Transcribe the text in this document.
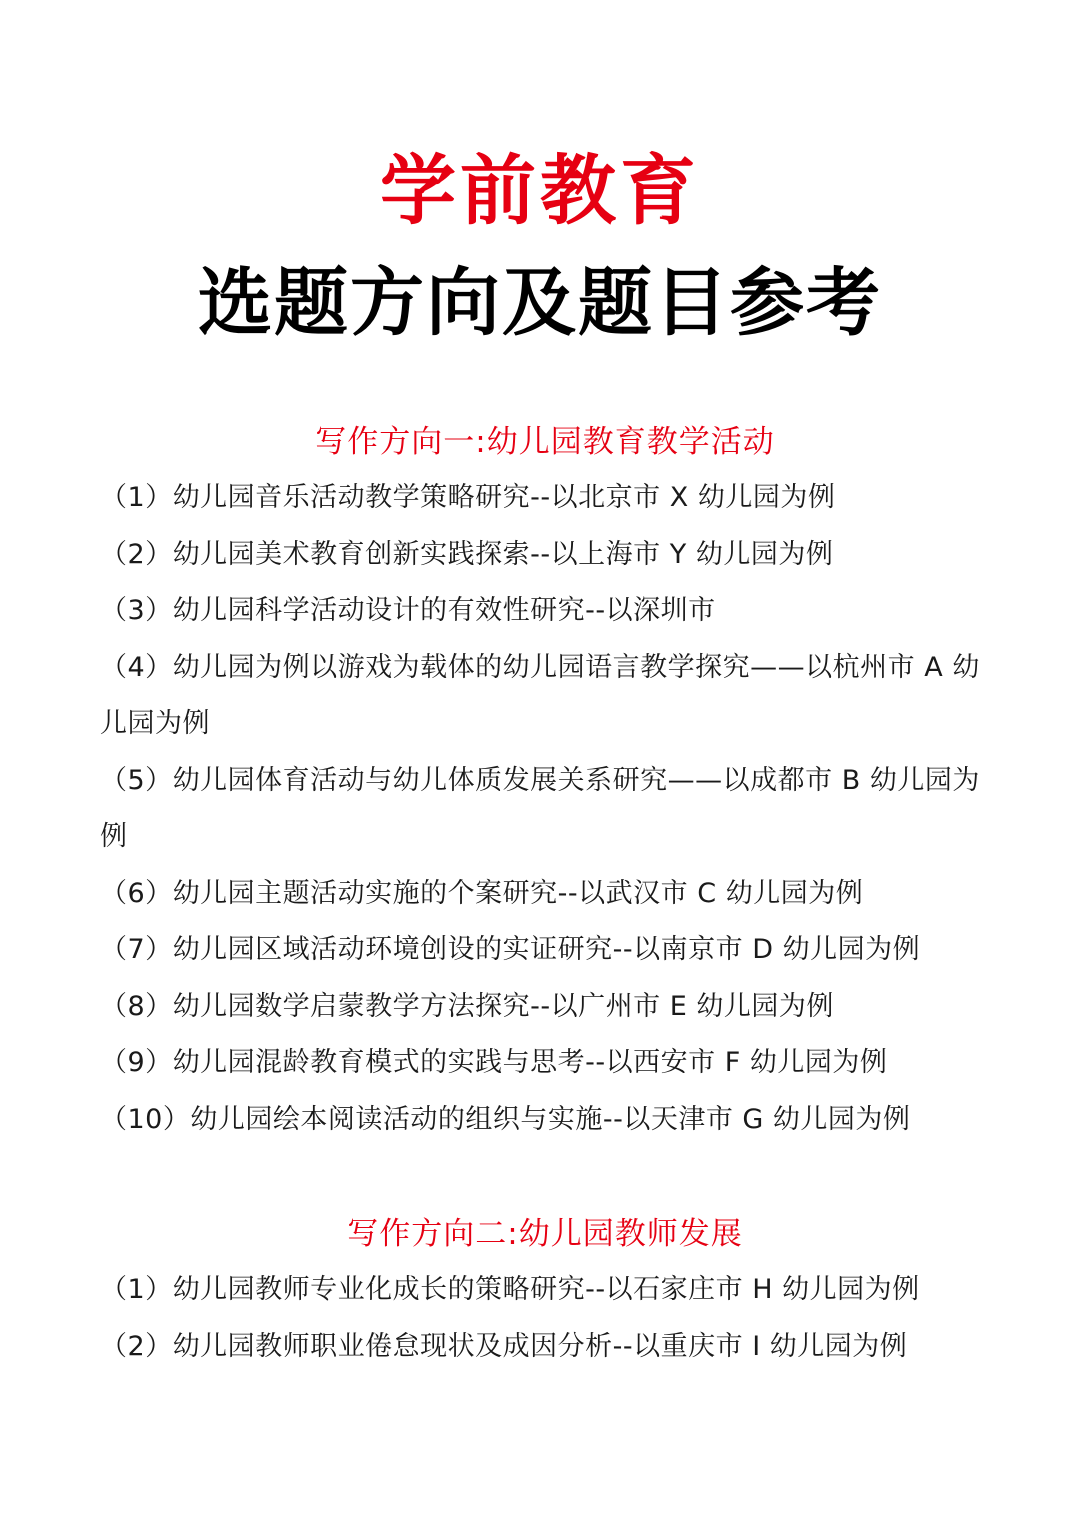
学前教育
选题方向及题目参考
写作方向一:幼儿园教育教学活动

（1）幼儿园音乐活动教学策略研究--以北京市 X 幼儿园为例

（2）幼儿园美术教育创新实践探索--以上海市 Y 幼儿园为例

（3）幼儿园科学活动设计的有效性研究--以深圳市

（4）幼儿园为例以游戏为载体的幼儿园语言教学探究——以杭州市 A 幼儿园为例

（5）幼儿园体育活动与幼儿体质发展关系研究——以成都市 B 幼儿园为例

（6）幼儿园主题活动实施的个案研究--以武汉市 C 幼儿园为例

（7）幼儿园区域活动环境创设的实证研究--以南京市 D 幼儿园为例

（8）幼儿园数学启蒙教学方法探究--以广州市 E 幼儿园为例

（9）幼儿园混龄教育模式的实践与思考--以西安市 F 幼儿园为例

（10）幼儿园绘本阅读活动的组织与实施--以天津市 G 幼儿园为例

写作方向二:幼儿园教师发展

（1）幼儿园教师专业化成长的策略研究--以石家庄市 H 幼儿园为例

（2）幼儿园教师职业倦怠现状及成因分析--以重庆市 I 幼儿园为例
